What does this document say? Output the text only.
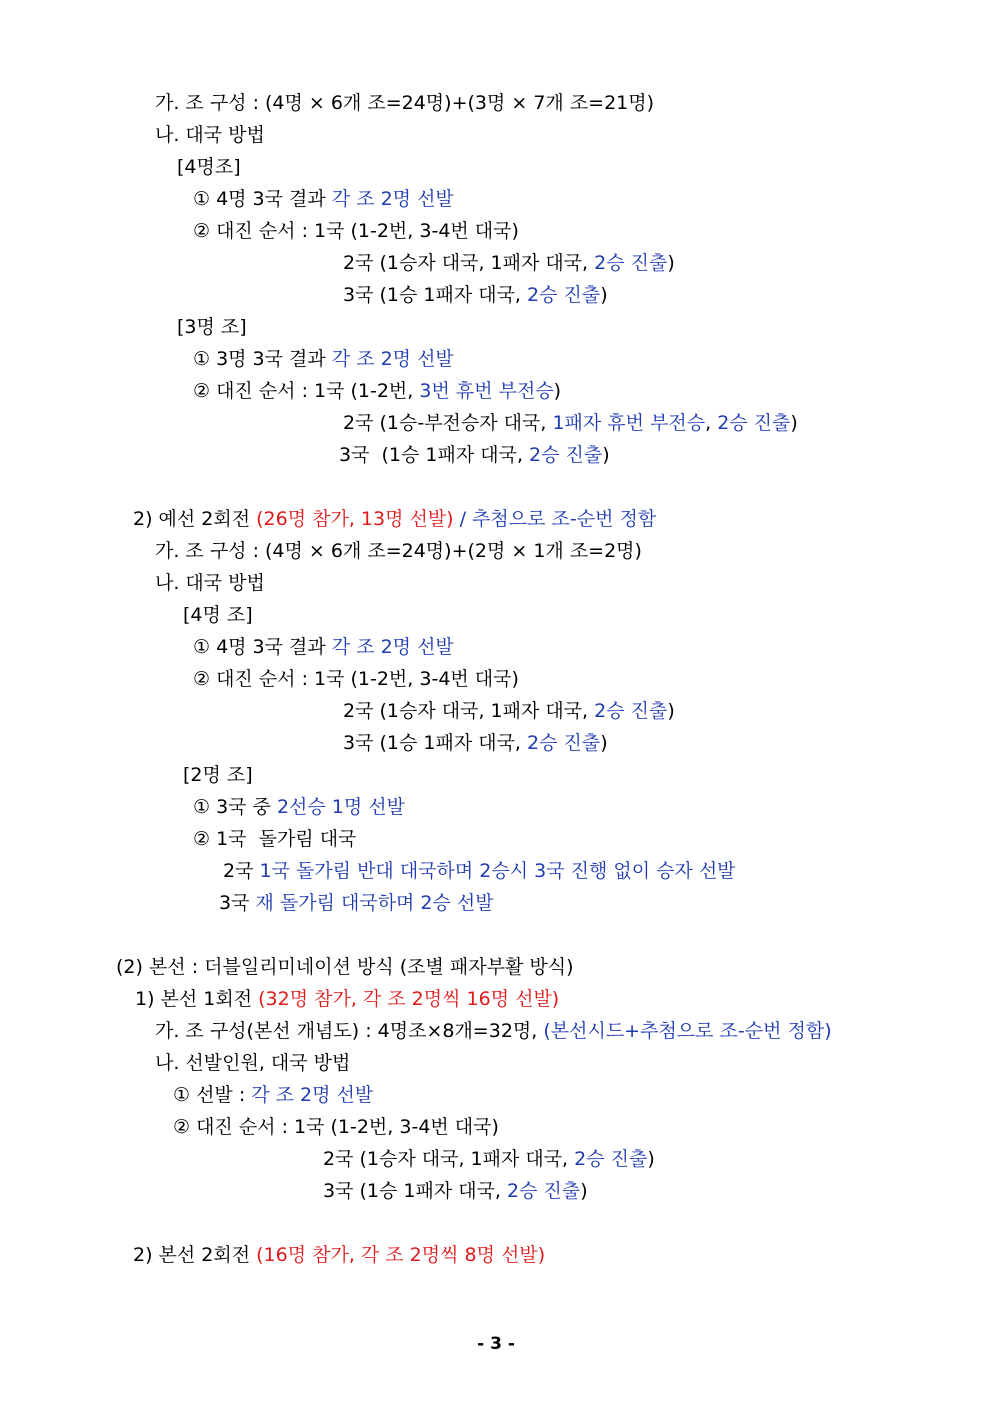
가. 조 구성 : (4명 × 6개 조=24명)+(3명 × 7개 조=21명)
나. 대국 방법
[4명조]
① 4명 3국 결과 각 조 2명 선발
② 대진 순서 : 1국 (1-2번, 3-4번 대국)
2국 (1승자 대국, 1패자 대국, 2승 진출)
3국 (1승 1패자 대국, 2승 진출)
[3명 조]
① 3명 3국 결과 각 조 2명 선발
② 대진 순서 : 1국 (1-2번, 3번 휴번 부전승)
2국 (1승-부전승자 대국, 1패자 휴번 부전승, 2승 진출)
3국  (1승 1패자 대국, 2승 진출)
2) 예선 2회전 (26명 참가, 13명 선발) / 추첨으로 조-순번 정함
가. 조 구성 : (4명 × 6개 조=24명)+(2명 × 1개 조=2명)
나. 대국 방법
[4명 조]
① 4명 3국 결과 각 조 2명 선발
② 대진 순서 : 1국 (1-2번, 3-4번 대국)
2국 (1승자 대국, 1패자 대국, 2승 진출)
3국 (1승 1패자 대국, 2승 진출)
[2명 조]
① 3국 중 2선승 1명 선발
② 1국  돌가림 대국
2국 1국 돌가림 반대 대국하며 2승시 3국 진행 없이 승자 선발
3국 재 돌가림 대국하며 2승 선발
(2) 본선 : 더블일리미네이션 방식 (조별 패자부활 방식)
1) 본선 1회전 (32명 참가, 각 조 2명씩 16명 선발)
가. 조 구성(본선 개념도) : 4명조×8개=32명, (본선시드+추첨으로 조-순번 정함)
나. 선발인원, 대국 방법
① 선발 : 각 조 2명 선발
② 대진 순서 : 1국 (1-2번, 3-4번 대국)
2국 (1승자 대국, 1패자 대국, 2승 진출)
3국 (1승 1패자 대국, 2승 진출)
2) 본선 2회전 (16명 참가, 각 조 2명씩 8명 선발)
- 3 -
